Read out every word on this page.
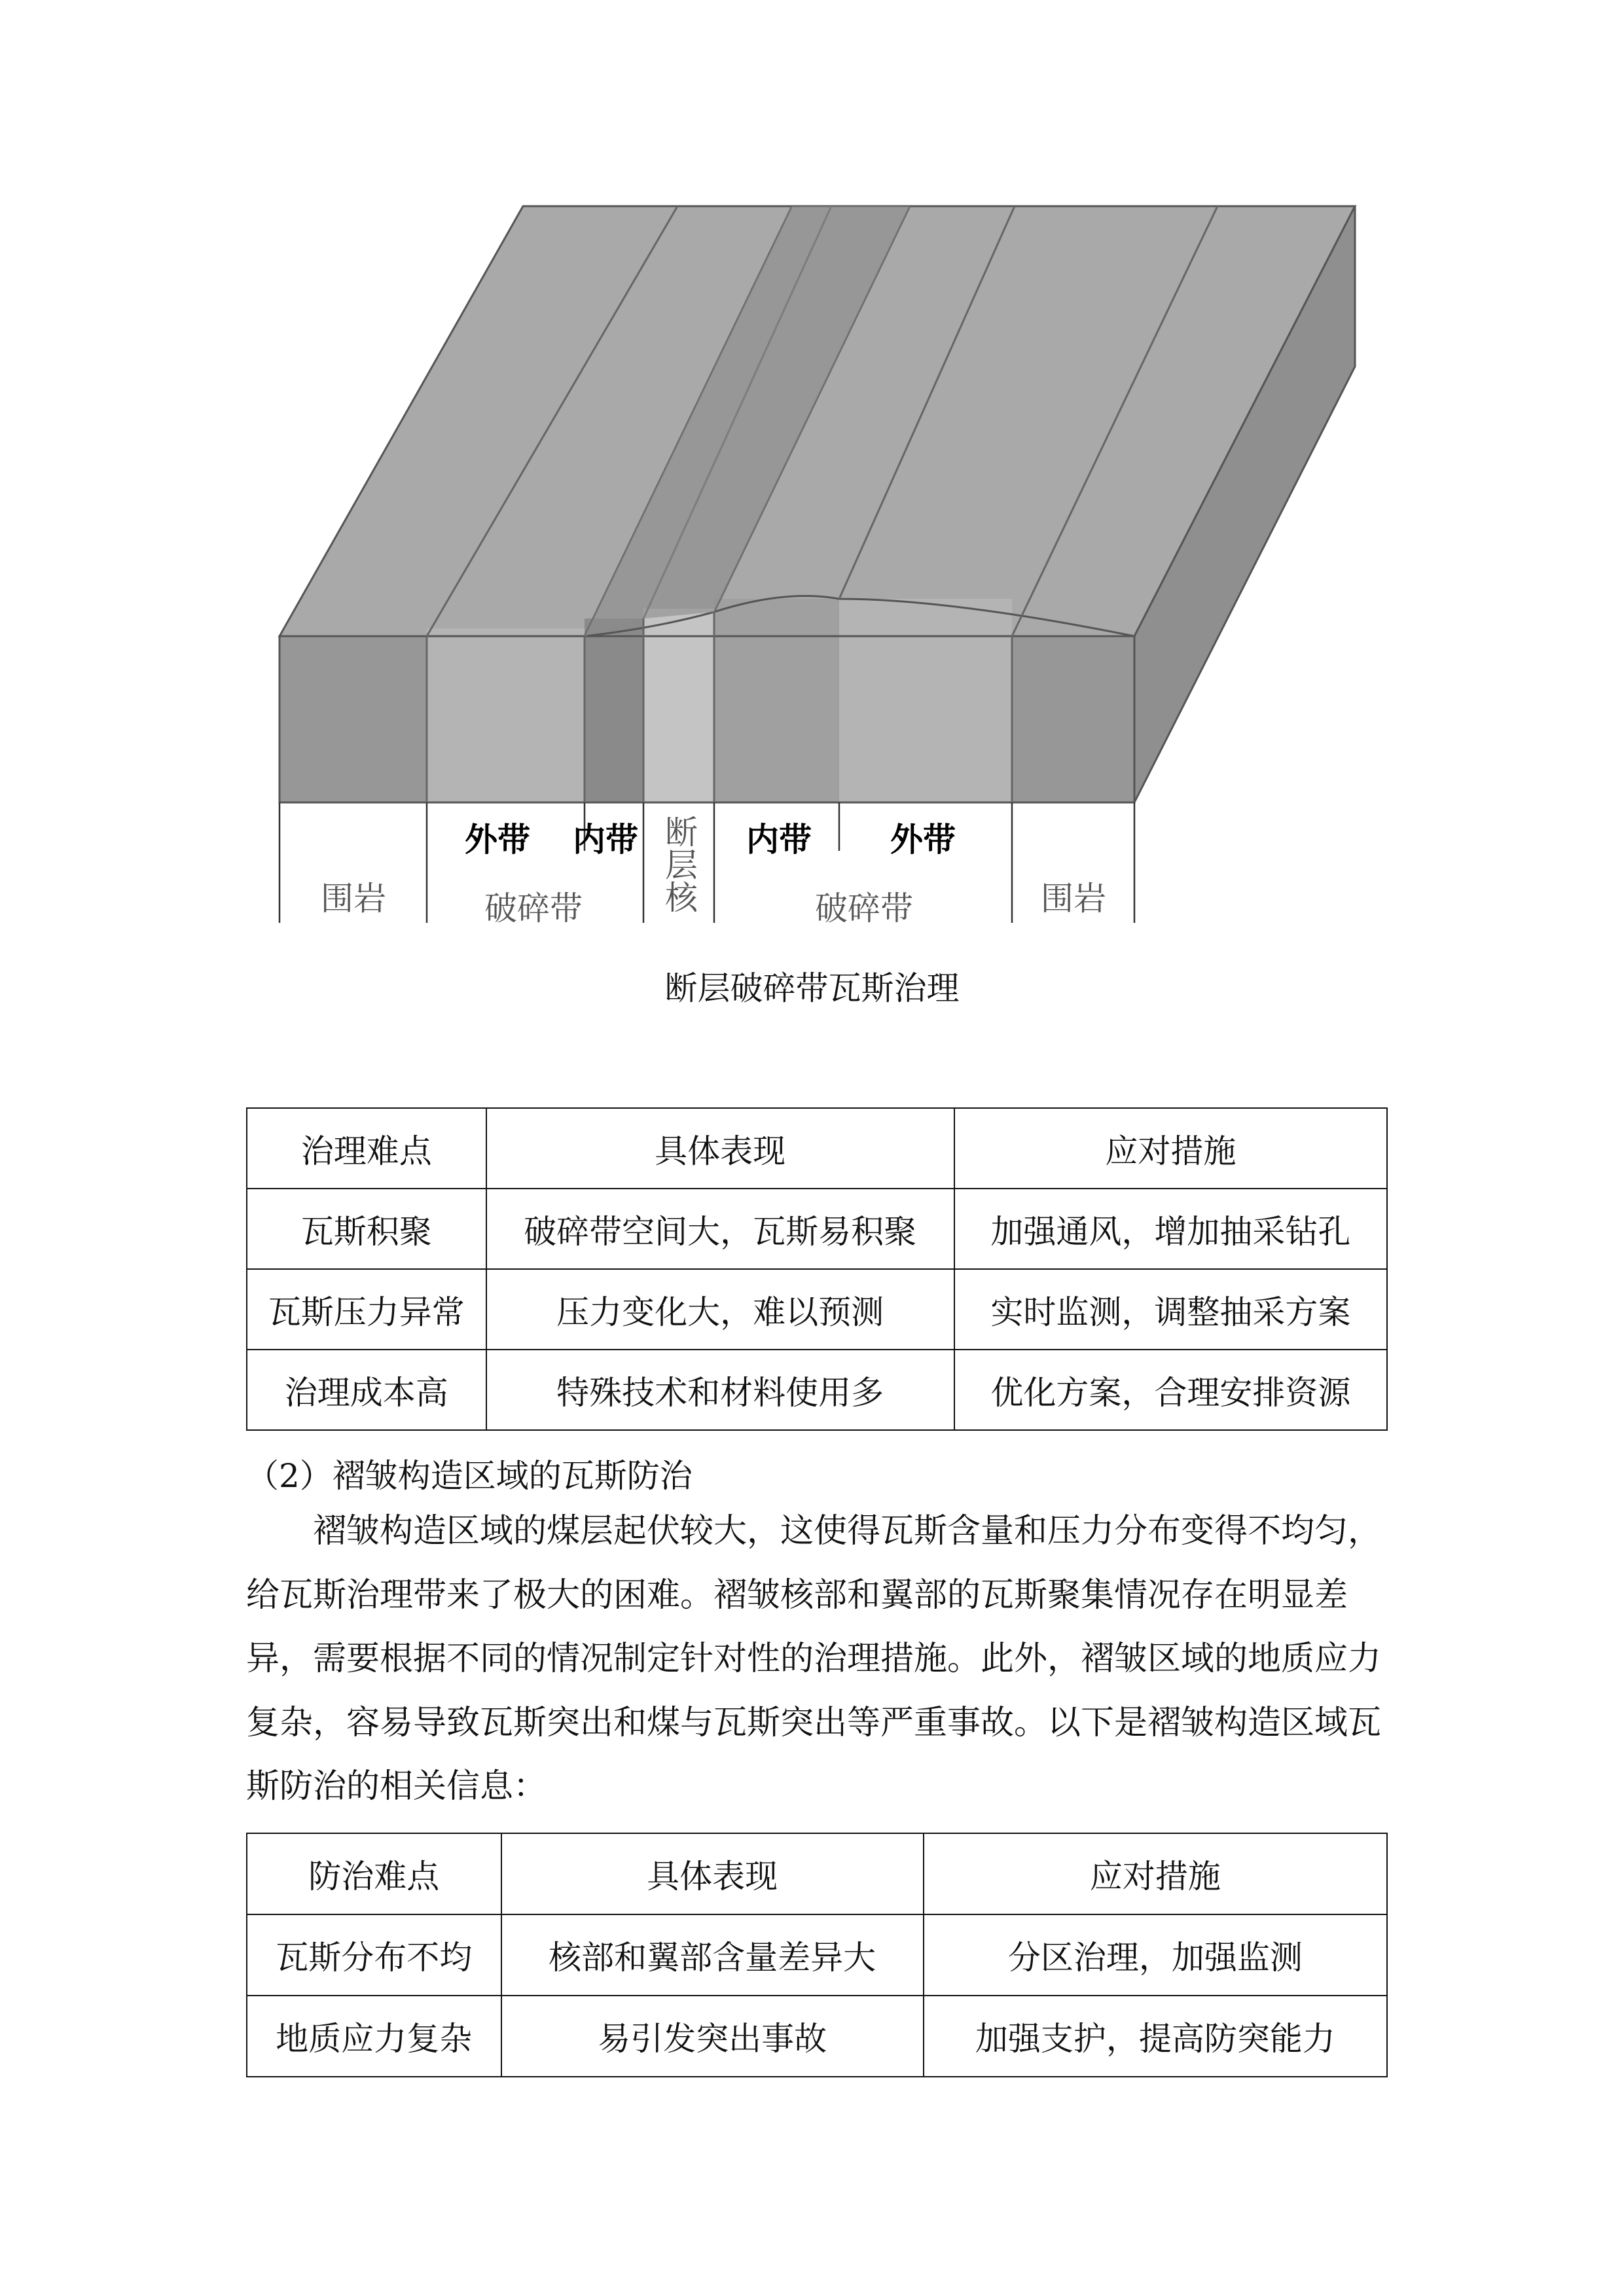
外带 内带 断层核 内带 外带
围岩	破碎带	破碎带	围岩
断层破碎带瓦斯治理
治理难点	具体表现	应对措施
瓦斯积聚	破碎带空间大，瓦斯易积聚	加强通风，增加抽采钻孔
瓦斯压力异常	压力变化大，难以预测	实时监测，调整抽采方案
治理成本高	特殊技术和材料使用多	优化方案，合理安排资源
（2）褶皱构造区域的瓦斯防治
褶皱构造区域的煤层起伏较大，这使得瓦斯含量和压力分布变得不均匀，
给瓦斯治理带来了极大的困难。褶皱核部和翼部的瓦斯聚集情况存在明显差
异，需要根据不同的情况制定针对性的治理措施。此外，褶皱区域的地质应力
复杂，容易导致瓦斯突出和煤与瓦斯突出等严重事故。以下是褶皱构造区域瓦
斯防治的相关信息：
防治难点	具体表现	应对措施
瓦斯分布不均	核部和翼部含量差异大	分区治理，加强监测
地质应力复杂	易引发突出事故	加强支护，提高防突能力
